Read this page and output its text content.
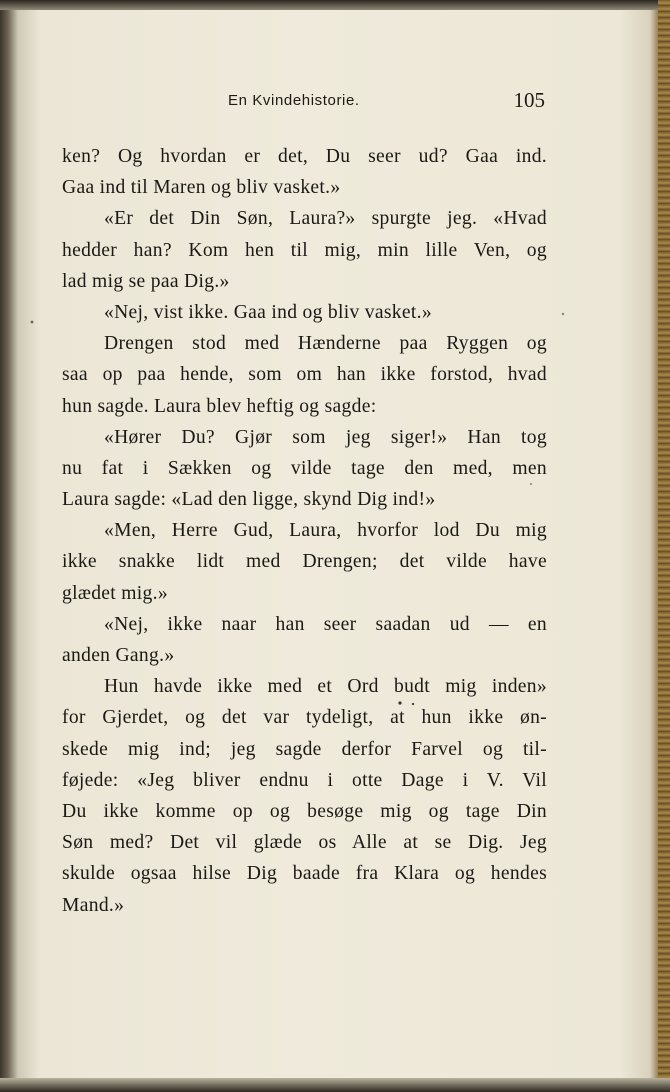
En Kvindehistorie.	105
ken? Og hvordan er det, Du seer ud? Gaa ind.
Gaa ind til Maren og bliv vasket.»
«Er det Din Søn, Laura?» spurgte jeg. «Hvad
hedder han? Kom hen til mig, min lille Ven, og
lad mig se paa Dig.»
«Nej, vist ikke. Gaa ind og bliv vasket.»
Drengen stod med Hænderne paa Ryggen og
saa op paa hende, som om han ikke forstod, hvad
hun sagde. Laura blev heftig og sagde:
«Hører Du? Gjør som jeg siger!» Han tog
nu fat i Sækken og vilde tage den med, men
Laura sagde: «Lad den ligge, skynd Dig ind!»
«Men, Herre Gud, Laura, hvorfor lod Du mig
ikke snakke lidt med Drengen; det vilde have
glædet mig.»
«Nej, ikke naar han seer saadan ud — en
anden Gang.»
Hun havde ikke med et Ord budt mig inden»
for Gjerdet, og det var tydeligt, at hun ikke øn-
skede mig ind; jeg sagde derfor Farvel og til-
føjede: «Jeg bliver endnu i otte Dage i V. Vil
Du ikke komme op og besøge mig og tage Din
Søn med? Det vil glæde os Alle at se Dig. Jeg
skulde ogsaa hilse Dig baade fra Klara og hendes
Mand.»
